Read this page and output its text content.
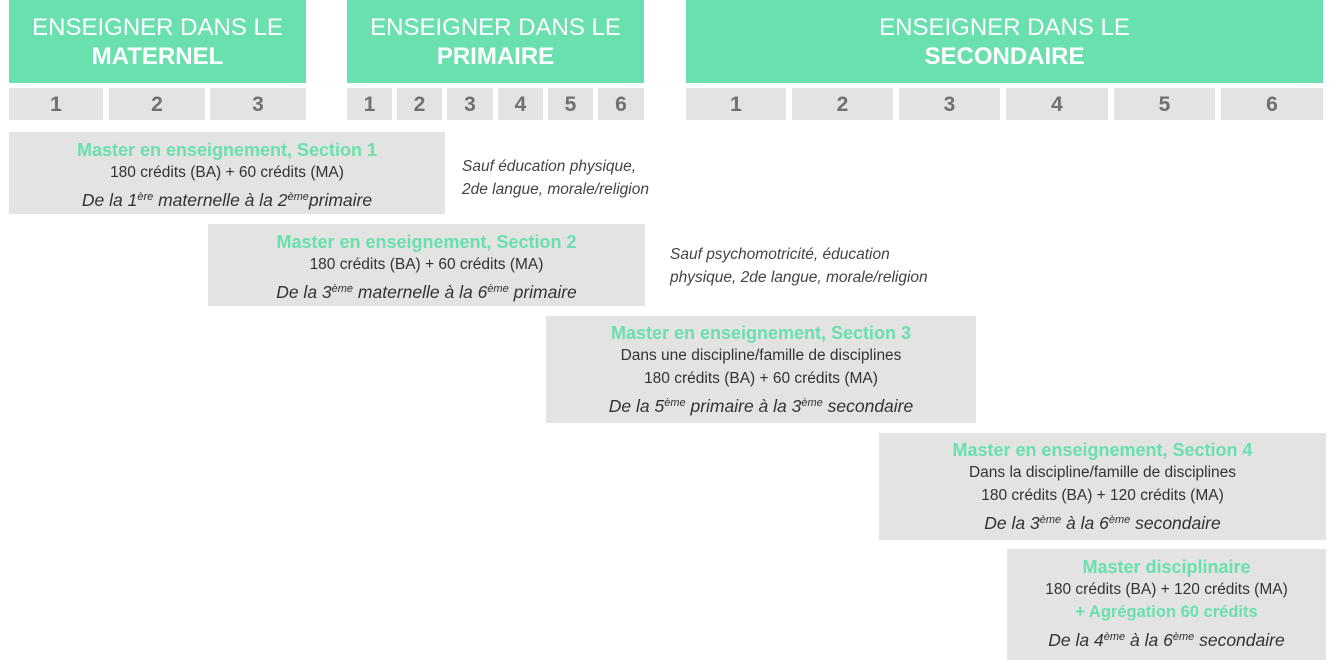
ENSEIGNER DANS LE
MATERNEL
ENSEIGNER DANS LE
PRIMAIRE
ENSEIGNER DANS LE
SECONDAIRE
1	2	3	1	2	3	4	5	6	1	2	3	4	5	6
Master en enseignement, Section 1
180 crédits (BA) + 60 crédits (MA)
De la 1ère maternelle à la 2èmeprimaire
Sauf éducation physique,
2de langue, morale/religion
Master en enseignement, Section 2
180 crédits (BA) + 60 crédits (MA)
De la 3ème maternelle à la 6ème primaire
Sauf psychomotricité, éducation
physique, 2de langue, morale/religion
Master en enseignement, Section 3
Dans une discipline/famille de disciplines
180 crédits (BA) + 60 crédits (MA)
De la 5ème primaire à la 3ème secondaire
Master en enseignement, Section 4
Dans la discipline/famille de disciplines
180 crédits (BA) + 120 crédits (MA)
De la 3ème à la 6ème secondaire
Master disciplinaire
180 crédits (BA) + 120 crédits (MA)
+ Agrégation 60 crédits
De la 4ème à la 6ème secondaire
